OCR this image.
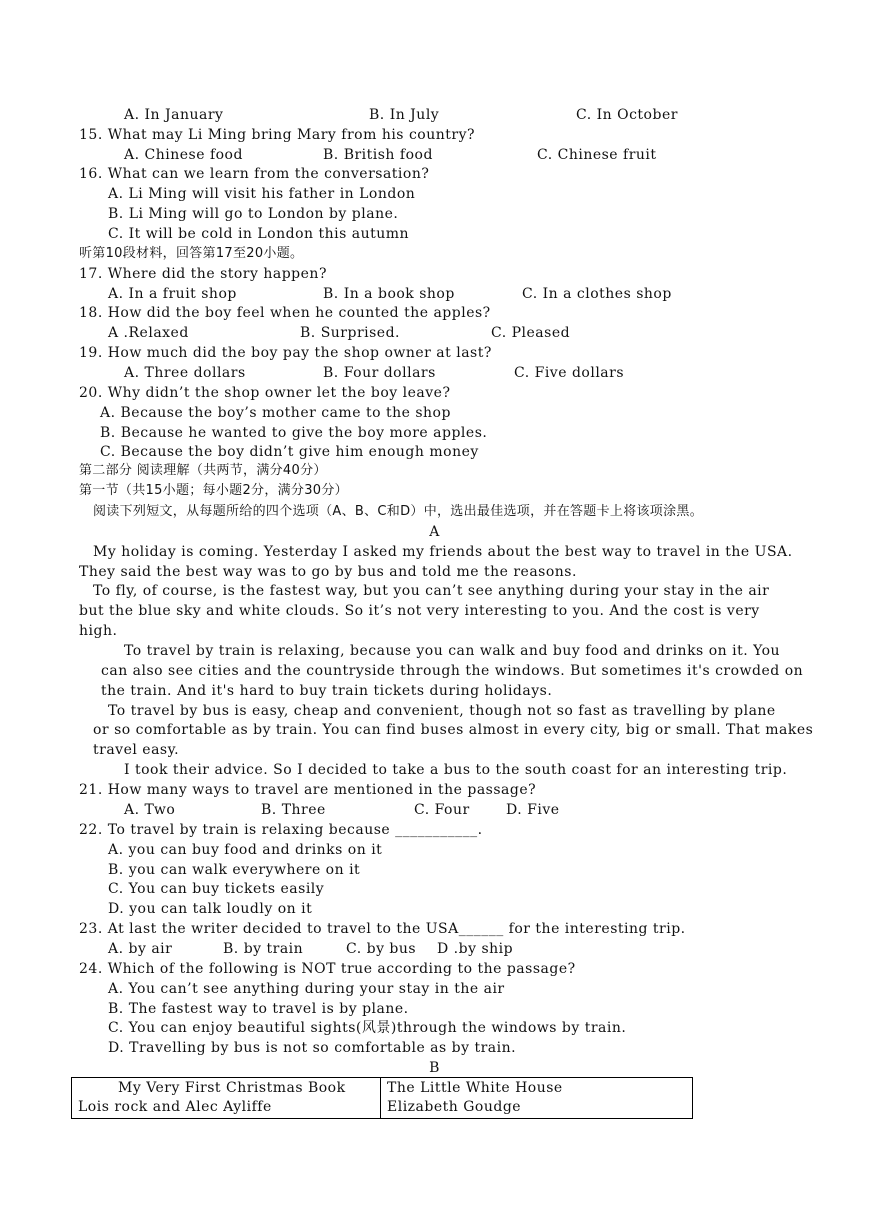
A. In January	B. In July	C. In October
15. What may Li Ming bring Mary from his country?
A. Chinese food	B. British food	C. Chinese fruit
16. What can we learn from the conversation?
A. Li Ming will visit his father in London
B. Li Ming will go to London by plane.
C. It will be cold in London this autumn
听第10段材料，回答第17至20小题。
17. Where did the story happen?
A. In a fruit shop	B. In a book shop	C. In a clothes shop
18. How did the boy feel when he counted the apples?
A .Relaxed	B. Surprised.	C. Pleased
19. How much did the boy pay the shop owner at last?
A. Three dollars	B. Four dollars	C. Five dollars
20. Why didn’t the shop owner let the boy leave?
A. Because the boy’s mother came to the shop
B. Because he wanted to give the boy more apples.
C. Because the boy didn’t give him enough money
第二部分 阅读理解（共两节，满分40分）
第一节（共15小题；每小题2分，满分30分）
阅读下列短文，从每题所给的四个选项（A、B、C和D）中，选出最佳选项，并在答题卡上将该项涂黑。
A
My holiday is coming. Yesterday I asked my friends about the best way to travel in the USA.
They said the best way was to go by bus and told me the reasons.
To fly, of course, is the fastest way, but you can’t see anything during your stay in the air
but the blue sky and white clouds. So it’s not very interesting to you. And the cost is very
high.
To travel by train is relaxing, because you can walk and buy food and drinks on it. You
can also see cities and the countryside through the windows. But sometimes it's crowded on
the train. And it's hard to buy train tickets during holidays.
To travel by bus is easy, cheap and convenient, though not so fast as travelling by plane
or so comfortable as by train. You can find buses almost in every city, big or small. That makes
travel easy.
I took their advice. So I decided to take a bus to the south coast for an interesting trip.
21. How many ways to travel are mentioned in the passage?
A. Two	B. Three	C. Four	D. Five
22. To travel by train is relaxing because ___________.
A. you can buy food and drinks on it
B. you can walk everywhere on it
C. You can buy tickets easily
D. you can talk loudly on it
23. At last the writer decided to travel to the USA______ for the interesting trip.
A. by air	B. by train	C. by bus D .by ship
24. Which of the following is NOT true according to the passage?
A. You can’t see anything during your stay in the air
B. The fastest way to travel is by plane.
C. You can enjoy beautiful sights(风景)through the windows by train.
D. Travelling by bus is not so comfortable as by train.
B
My Very First Christmas Book
Lois rock and Alec Ayliffe

The Little White House
Elizabeth Goudge
